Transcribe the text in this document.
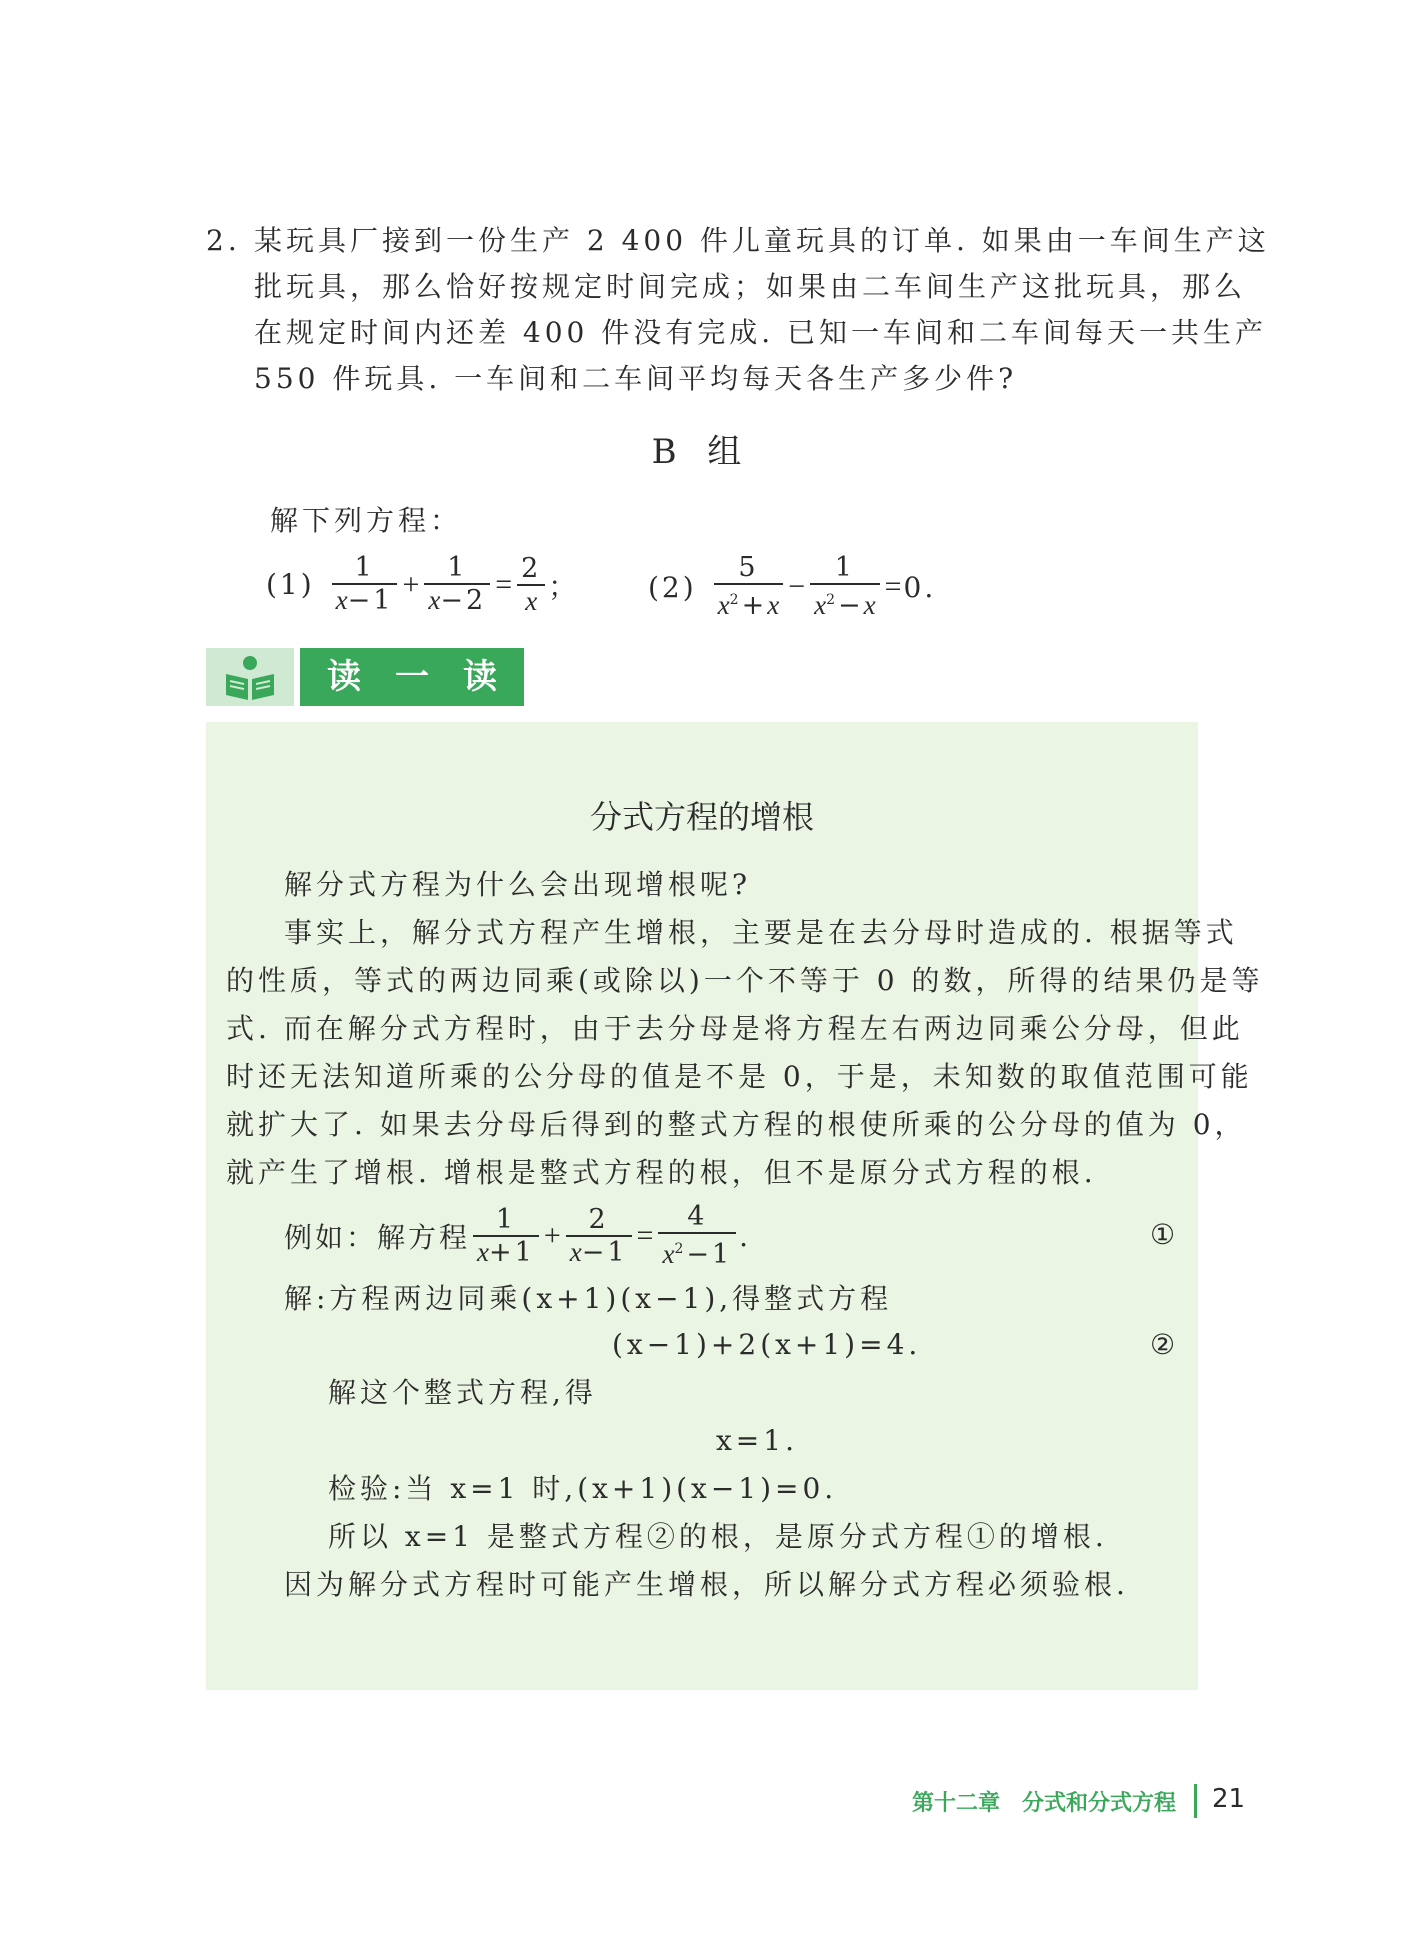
2. 某玩具厂接到一份生产 2 400 件儿童玩具的订单. 如果由一车间生产这
批玩具，那么恰好按规定时间完成；如果由二车间生产这批玩具，那么
在规定时间内还差 400 件没有完成. 已知一车间和二车间每天一共生产
550 件玩具. 一车间和二车间平均每天各生产多少件?
B 组
解下列方程：
$(1) \frac{1}{x-1} + \frac{1}{x-2} = \frac{2}{x}$ ； $(2) \frac{5}{x^2+x} - \frac{1}{x^2-x} = 0$.
读　一　读
分式方程的增根
解分式方程为什么会出现增根呢?
事实上，解分式方程产生增根，主要是在去分母时造成的. 根据等式
的性质，等式的两边同乘(或除以)一个不等于 0 的数，所得的结果仍是等
式. 而在解分式方程时，由于去分母是将方程左右两边同乘公分母，但此
时还无法知道所乘的公分母的值是不是 0，于是，未知数的取值范围可能
就扩大了. 如果去分母后得到的整式方程的根使所乘的公分母的值为 0，
就产生了增根. 增根是整式方程的根，但不是原分式方程的根.
例如：解方程 $\frac{1}{x+1} + \frac{2}{x-1} = \frac{4}{x^2-1}$ .	①
解:方程两边同乘(x+1)(x−1),得整式方程
(x−1)+2(x+1)=4.	②
解这个整式方程,得
x=1.
检验:当 x=1 时,(x+1)(x−1)=0.
所以 x=1 是整式方程②的根，是原分式方程①的增根.
因为解分式方程时可能产生增根，所以解分式方程必须验根.
第十二章　分式和分式方程 21
